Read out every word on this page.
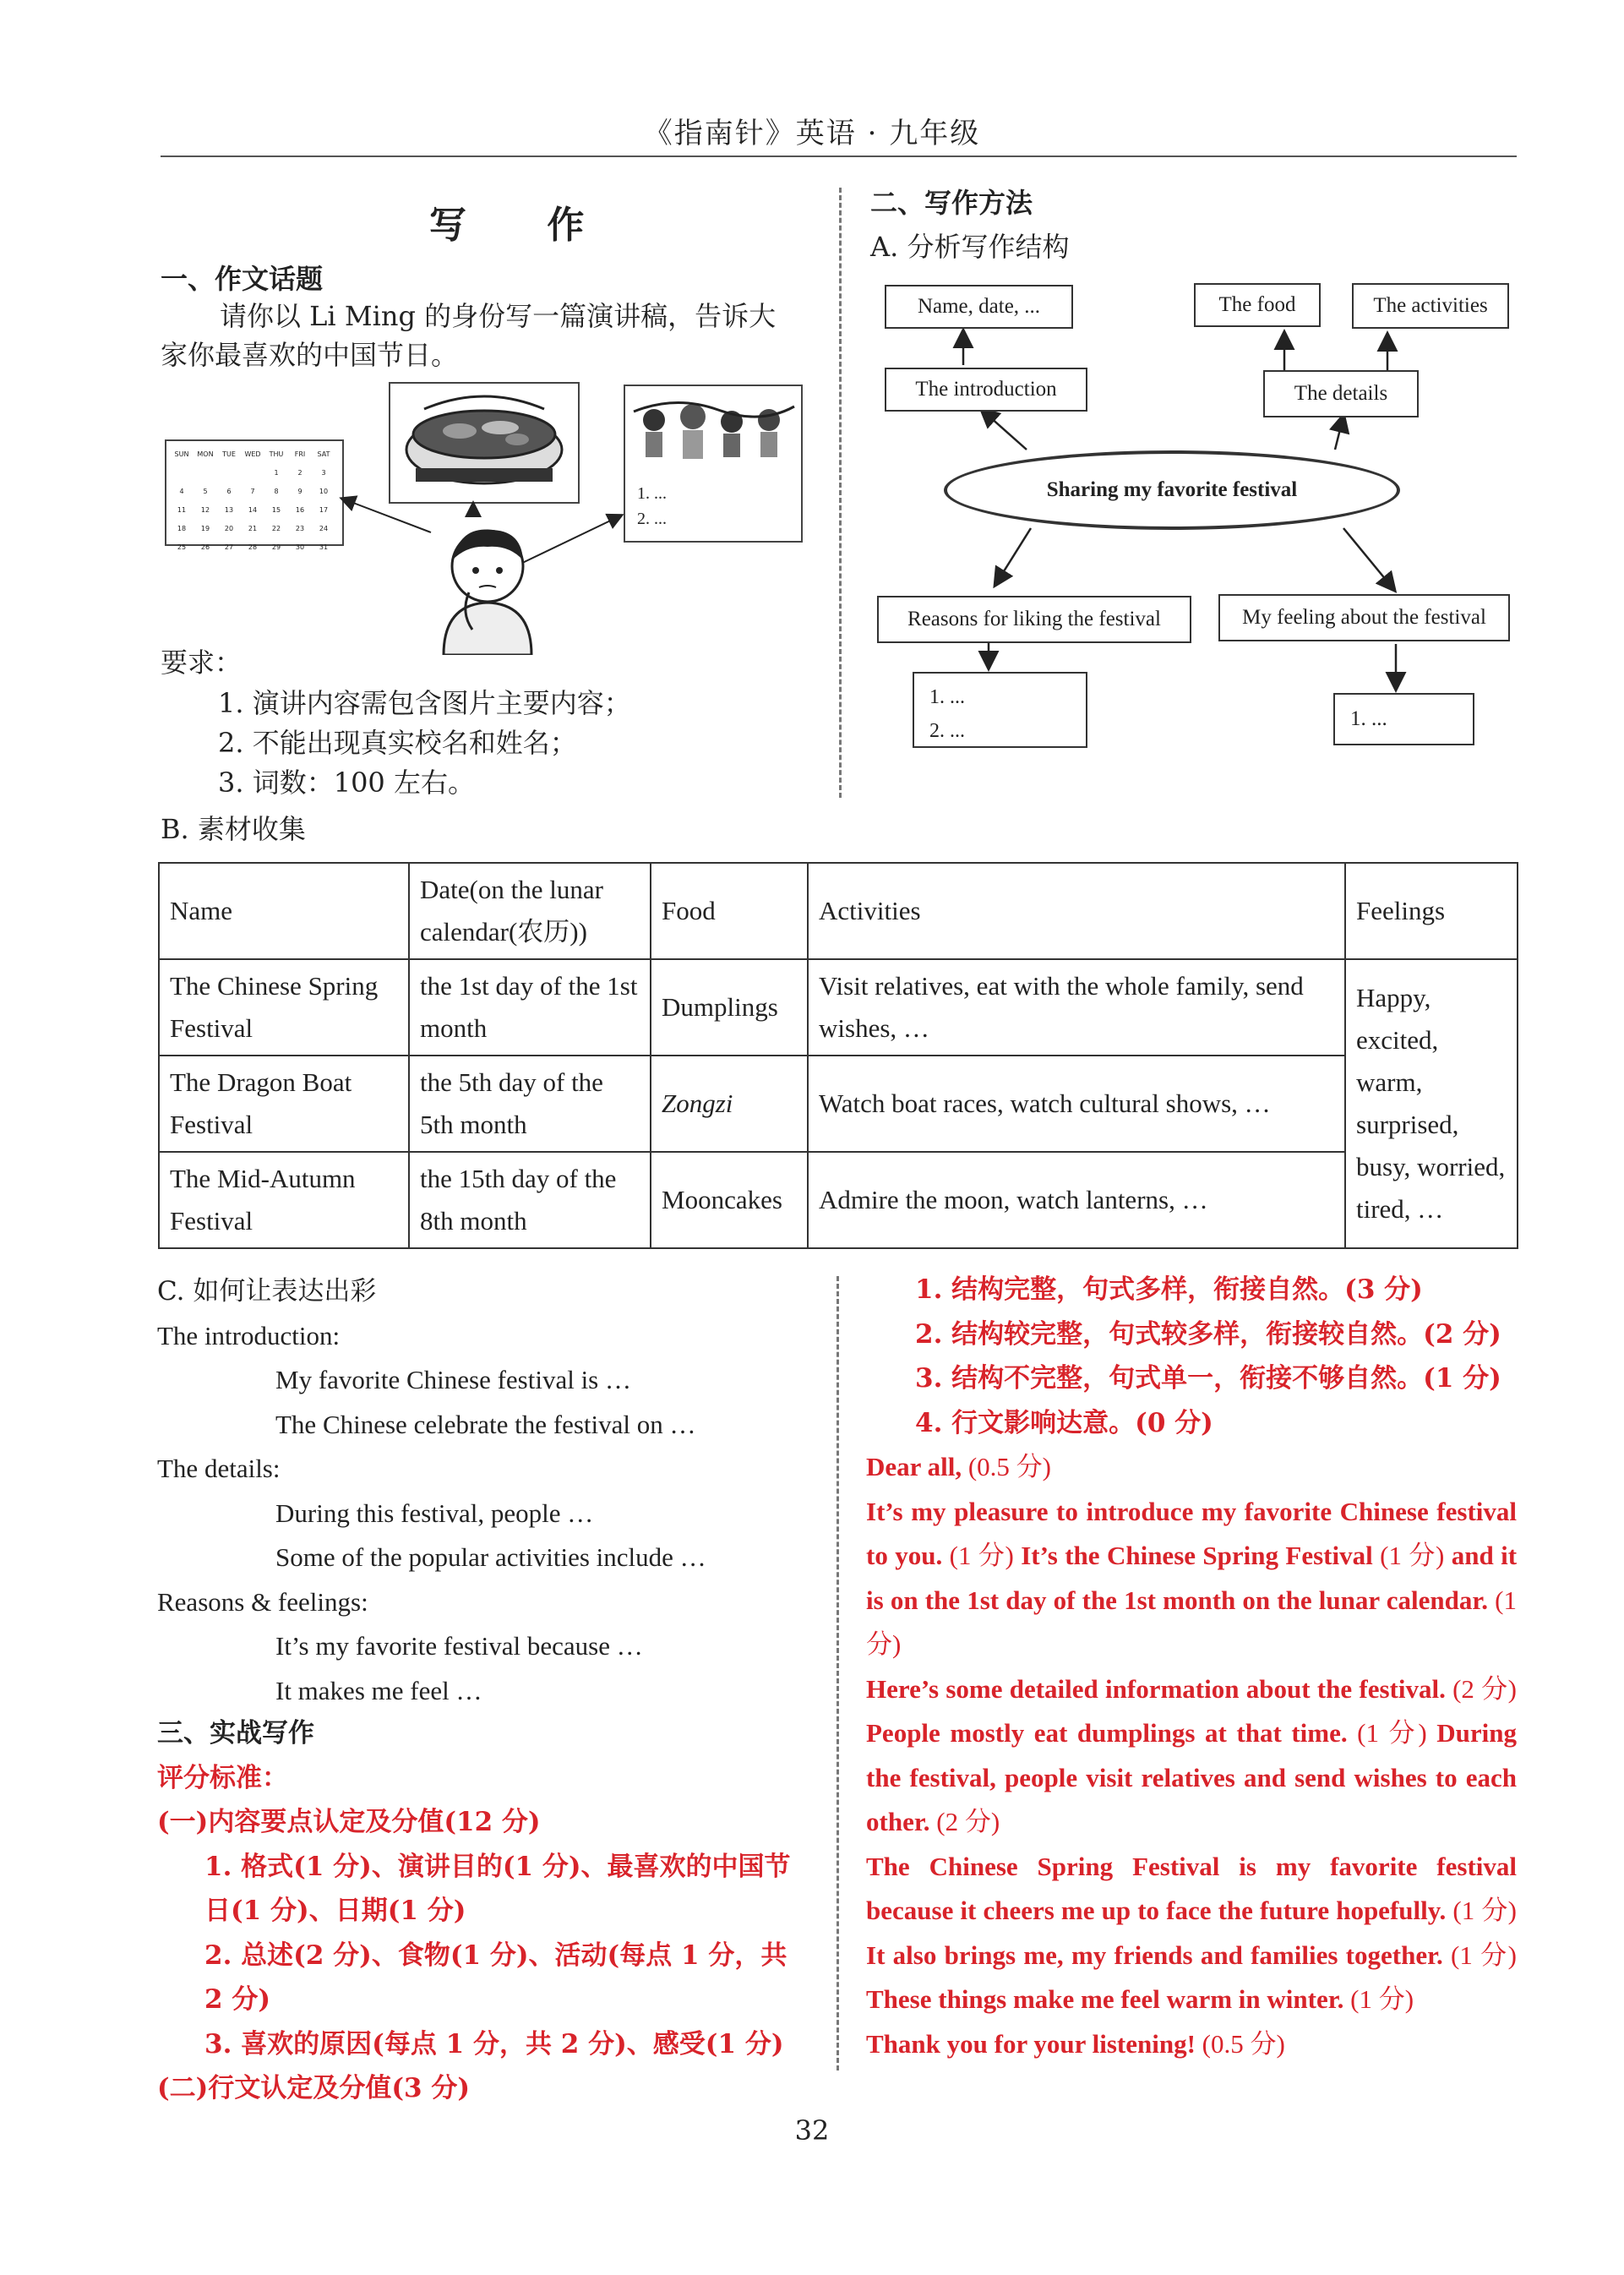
《指南针》英语 · 九年级
写 作
一、作文话题
请你以 Li Ming 的身份写一篇演讲稿，告诉大
家你最喜欢的中国节日。
SUN	MON	TUE	WED	THU	FRI	SAT
				1	2	3
4	5	6	7	8	9	10
11	12	13	14	15	16	17
18	19	20	21	22	23	24
25	26	27	28	29	30	31
1. ...
2. ...
要求：
1. 演讲内容需包含图片主要内容；
2. 不能出现真实校名和姓名；
3. 词数：100 左右。
二、写作方法
A. 分析写作结构
Name, date, ...	The food	The activities
The introduction	The details
Sharing my favorite festival
Reasons for liking the festival	My feeling about the festival
1. ...
2. ...
1. ...
B. 素材收集
Name	Date(on the lunar calendar(农历))	Food	Activities	Feelings
The Chinese Spring Festival	the 1st day of the 1st month	Dumplings	Visit relatives, eat with the whole family, send wishes, …	Happy, excited, warm, surprised, busy, worried, tired, …
The Dragon Boat Festival	the 5th day of the 5th month	Zongzi	Watch boat races, watch cultural shows, …	
The Mid-Autumn Festival	the 15th day of the 8th month	Mooncakes	Admire the moon, watch lanterns, …	
C. 如何让表达出彩
The introduction:
My favorite Chinese festival is …
The Chinese celebrate the festival on …
The details:
During this festival, people …
Some of the popular activities include …
Reasons & feelings:
It’s my favorite festival because …
It makes me feel …
三、实战写作
评分标准：
(一)内容要点认定及分值(12 分)
1. 格式(1 分)、演讲目的(1 分)、最喜欢的中国节日(1 分)、日期(1 分)
2. 总述(2 分)、食物(1 分)、活动(每点 1 分，共 2 分)
3. 喜欢的原因(每点 1 分，共 2 分)、感受(1 分)
(二)行文认定及分值(3 分)
1. 结构完整，句式多样，衔接自然。(3 分)
2. 结构较完整，句式较多样，衔接较自然。(2 分)
3. 结构不完整，句式单一，衔接不够自然。(1 分)
4. 行文影响达意。(0 分)
Dear all, (0.5 分)
It’s my pleasure to introduce my favorite Chinese festival to you. (1 分) It’s the Chinese Spring Festival (1 分) and it is on the 1st day of the 1st month on the lunar calendar. (1 分)
Here’s some detailed information about the festival. (2 分) People mostly eat dumplings at that time. (1 分) During the festival, people visit relatives and send wishes to each other. (2 分)
The Chinese Spring Festival is my favorite festival because it cheers me up to face the future hopefully. (1 分) It also brings me, my friends and families together. (1 分) These things make me feel warm in winter. (1 分)
Thank you for your listening! (0.5 分)
32
